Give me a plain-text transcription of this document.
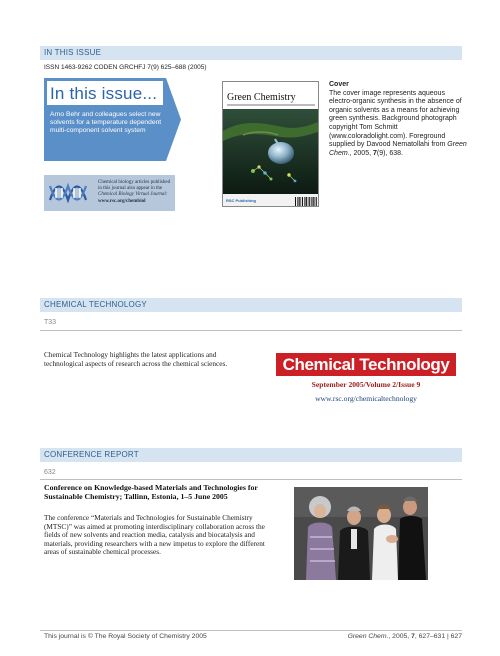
IN THIS ISSUE
ISSN 1463-9262 CODEN GRCHFJ 7(9) 625–688 (2005)
In this issue...
Arno Behr and colleagues select new solvents for a temperature dependent multi-component solvent system
Chemical biology articles published
in this journal also appear in the
Chemical Biology Virtual Journal:
www.rsc.org/chembiol
Green Chemistry
RSC Publishing
Cover
The cover image represents aqueous electro-organic synthesis in the absence of organic solvents as a means for achieving green synthesis. Background photograph copyright Tom Schmitt (www.coloradolight.com). Foreground supplied by Davood Nematollahi from Green Chem., 2005, 7(9), 638.
CHEMICAL TECHNOLOGY
T33
Chemical Technology highlights the latest applications and technological aspects of research across the chemical sciences.	Chemical Technology
September 2005/Volume 2/Issue 9
www.rsc.org/chemicaltechnology
CONFERENCE REPORT
632
Conference on Knowledge-based Materials and Technologies for Sustainable Chemistry; Tallinn, Estonia, 1–5 June 2005
The conference “Materials and Technologies for Sustainable Chemistry (MTSC)” was aimed at promoting interdisciplinary collaboration across the fields of new solvents and reaction media, catalysis and biocatalysis and materials, providing researchers with a new impetus to explore the different areas of sustainable chemical processes.
This journal is © The Royal Society of Chemistry 2005	Green Chem., 2005, 7, 627–631 | 627
